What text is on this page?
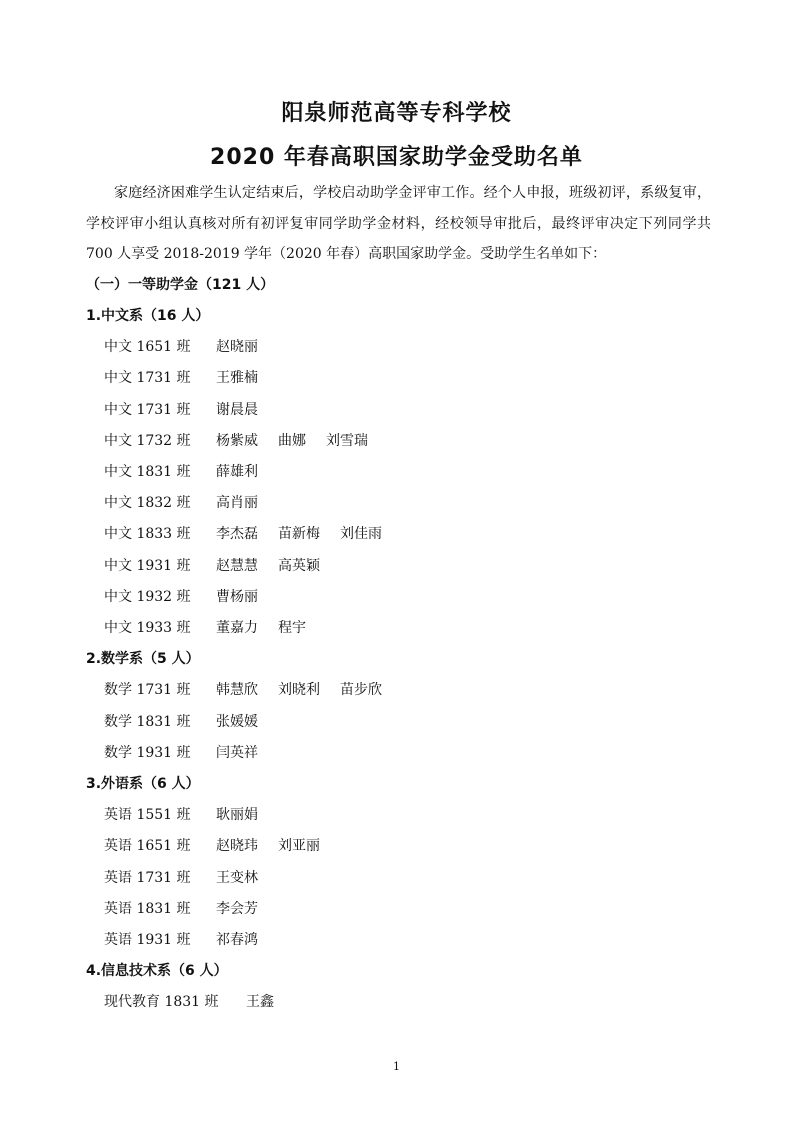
阳泉师范高等专科学校
2020 年春高职国家助学金受助名单
家庭经济困难学生认定结束后，学校启动助学金评审工作。经个人申报，班级初评，系级复审，学校评审小组认真核对所有初评复审同学助学金材料，经校领导审批后，最终评审决定下列同学共 700 人享受 2018-2019 学年（2020 年春）高职国家助学金。受助学生名单如下：
（一）一等助学金（121 人）
1.中文系（16 人）
中文 1651 班 赵晓丽
中文 1731 班 王雅楠
中文 1731 班 谢晨晨
中文 1732 班 杨紫威 曲娜 刘雪瑞
中文 1831 班 薛雄利
中文 1832 班 高肖丽
中文 1833 班 李杰磊 苗新梅 刘佳雨
中文 1931 班 赵慧慧 高英颖
中文 1932 班 曹杨丽
中文 1933 班 董嘉力 程宇
2.数学系（5 人）
数学 1731 班 韩慧欣 刘晓利 苗步欣
数学 1831 班 张媛媛
数学 1931 班 闫英祥
3.外语系（6 人）
英语 1551 班 耿丽娟
英语 1651 班 赵晓玮 刘亚丽
英语 1731 班 王变林
英语 1831 班 李会芳
英语 1931 班 祁春鸿
4.信息技术系（6 人）
现代教育 1831 班 王鑫
1
